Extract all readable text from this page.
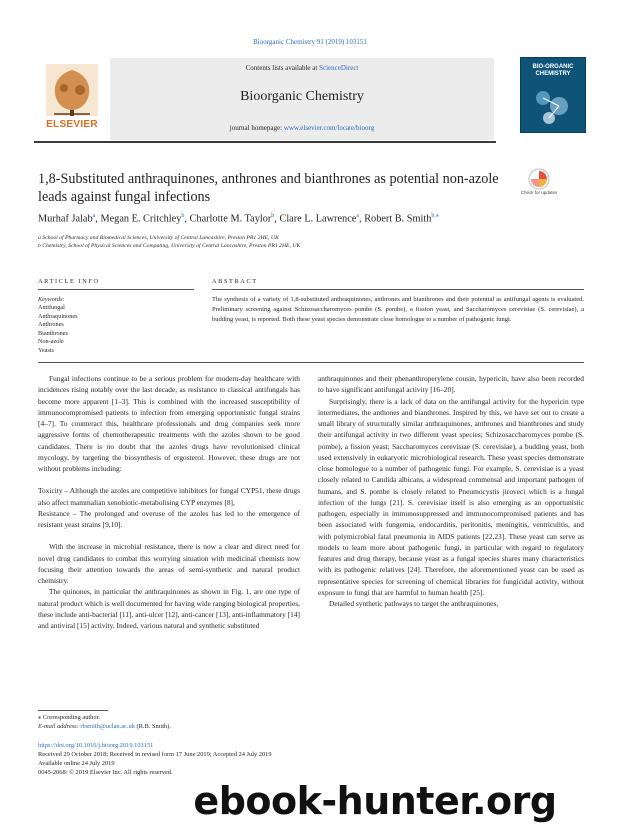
Bioorganic Chemistry 91 (2019) 103151
ELSEVIER
Contents lists available at ScienceDirect
Bioorganic Chemistry
journal homepage: www.elsevier.com/locate/bioorg
BIO-ORGANIC CHEMISTRY
1,8-Substituted anthraquinones, anthrones and bianthrones as potential non-azole leads against fungal infections	Check for updates
Murhaf Jalab$^a$, Megan E. Critchley$^b$, Charlotte M. Taylor$^b$, Clare L. Lawrence$^a$, Robert B. Smith$^{b,⁎}$
a School of Pharmacy and Biomedical Sciences, University of Central Lancashire, Preston PR1 2HE, UK
b Chemistry, School of Physical Sciences and Computing, University of Central Lancashire, Preston PR1 2HE, UK
ARTICLE INFO	ABSTRACT
Keywords:
Antifungal
Anthraquinones
Anthrones
Bianthrones
Non-azole
Yeasts
The synthesis of a variety of 1,8-substituted anthraquinones, anthrones and bianthrones and their potential as antifungal agents is evaluated. Preliminary screening against Schizosaccharomyces pombe (S. pombe), a fission yeast, and Saccharomyces cerevisiae (S. cerevisiae), a budding yeast, is reported. Both these yeast species demonstrate close homologue to a number of pathogenic fungi.

Fungal infections continue to be a serious problem for modern-day healthcare with incidences rising notably over the last decade, as resistance to classical antifungals has become more apparent [1–3]. This is combined with the increased susceptibility of immunocompromised patients to infection from emerging opportunistic fungal strains [4–7]. To counteract this, healthcare professionals and drug companies seek more aggressive forms of chemotherapeutic treatments with the azoles shown to be good candidates. There is no doubt that the azoles drugs have revolutionised clinical mycology, by targeting the biosynthesis of ergosterol. However, these drugs are not without problems including:

Toxicity – Although the azoles are competitive inhibitors for fungal CYP51, these drugs also affect mammalian xenobiotic-metabolising CYP enzymes [8],

Resistance – The prolonged and overuse of the azoles has led to the emergence of resistant yeast strains [9,10].

With the increase in microbial resistance, there is now a clear and direct need for novel drug candidates to combat this worrying situation with medicinal chemists now focusing their attention towards the areas of semi-synthetic and natural product chemistry.

The quinones, in particular the anthraquinones as shown in Fig. 1, are one type of natural product which is well documented for having wide ranging biological properties, these include anti-bacterial [11], anti-ulcer [12], anti-cancer [13], anti-inflammatory [14] and antiviral [15] activity. Indeed, various natural and synthetic substituted

anthraquinones and their phenanthroperylene cousin, hypericin, have also been recorded to have significant antifungal activity [16–20].

Surprisingly, there is a lack of data on the antifungal activity for the hypericin type intermediates, the anthones and bianthrones. Inspired by this, we have set out to create a small library of structurally similar anthraquinones, anthrones and bianthrones and study their antifungal activity in two different yeast species; Schizosaccharomyces pombe (S. pombe), a fission yeast; Saccharomyces cerevisiae (S. cerevisiae), a budding yeast, both used extensively in eukaryotic microbiological research. These yeast species demonstrate close homologue to a number of pathogenic fungi. For example, S. cerevisiae is a yeast closely related to Candida albicans, a widespread commensal and important pathogen of humans, and S. pombe is closely related to Pneumocystis jiroveci which is a fungal infection of the lungs [21]. S. cerevisiae itself is also emerging as an opportunistic pathogen, especially in immunosuppressed and immunocompromised patients and has been associated with fungemia, endocarditis, peritonitis, meningitis, ventriculitis, and with polymicrobial fatal pneumonia in AIDS patients [22,23]. These yeast can serve as models to learn more about pathogenic fungi, in particular with regard to regulatory features and drug therapy, because yeast as a fungal species shares many characteristics with its pathogenic relatives [24]. Therefore, the aforementioned yeast can be used as representative species for screening of chemical libraries for fungicidal activity, without exposure to fungi that are harmful to human health [25].

Detailed synthetic pathways to target the anthraquinones,

⁎ Corresponding author.
E-mail address: rbsmith@uclan.ac.uk (R.B. Smith).
https://doi.org/10.1016/j.bioorg.2019.103151
Received 29 October 2018; Received in revised form 17 June 2019; Accepted 24 July 2019
Available online 24 July 2019
0045-2068/ © 2019 Elsevier Inc. All rights reserved.
ebook-hunter.org
